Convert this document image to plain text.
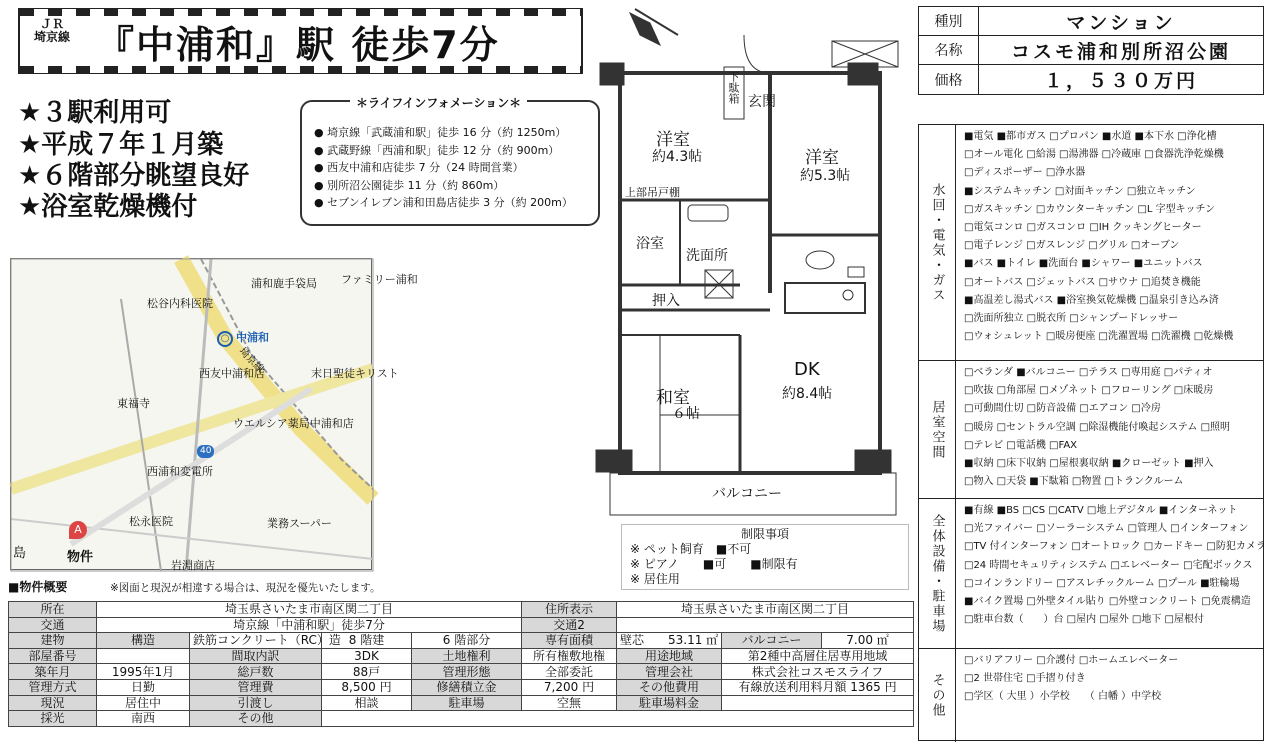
ＪＲ
埼京線 『中浦和』駅 徒歩7分
★３駅利用可
★平成７年１月築
★６階部分眺望良好
★浴室乾燥機付
● 埼京線「武蔵浦和駅」徒歩 16 分（約 1250m）
● 武蔵野線「西浦和駅」徒歩 12 分（約 900m）
● 西友中浦和店徒歩 7 分（24 時間営業）
● 別所沼公園徒歩 11 分（約 860m）
● セブンイレブン浦和田島店徒歩 3 分（約 200m）
＊ライフインフォメーション＊
松谷内科医院
浦和鹿手袋局 ファミリー浦和
西友中浦和店	末日聖徒キリスト
東福寺
ウエルシア薬局中浦和店
西浦和変電所
松永医院	業務スーパー
岩淵商店
物件
埼京線
島
40
A
○ 中浦和
洋室
約4.3帖	洋室
約5.3帖
下駄箱 玄関
上部吊戸棚
浴室
洗面所
押入
和室
６帖
DK
約8.4帖
バルコニー
制限事項
※ ペット飼育　■不可
※ ピアノ　　■可　　■制限有
※ 居住用
種別	マンション
名称	コスモ浦和別所沼公園
価格	１，５３０万円
水回・電気・ガス
■電気 ■都市ガス □プロパン ■水道 ■本下水 □浄化槽
□オール電化 □給湯 □湯沸器 □冷蔵庫 □食器洗浄乾燥機
□ディスポーザー □浄水器
■システムキッチン □対面キッチン □独立キッチン
□ガスキッチン □カウンターキッチン □L 字型キッチン
□電気コンロ □ガスコンロ □IH クッキングヒーター
□電子レンジ □ガスレンジ □グリル □オーブン
■バス ■トイレ ■洗面台 ■シャワー ■ユニットバス
□オートバス □ジェットバス □サウナ □追焚き機能
■高温差し湯式バス ■浴室換気乾燥機 □温泉引き込み済
□洗面所独立 □脱衣所 □シャンプードレッサー
□ウォシュレット □暖房便座 □洗濯置場 □洗濯機 □乾燥機
居室空間
□ベランダ ■バルコニー □テラス □専用庭 □パティオ
□吹抜 □角部屋 □メゾネット □フローリング □床暖房
□可動間仕切 □防音設備 □エアコン □冷房
□暖房 □セントラル空調 □除湿機能付喚起システム □照明
□テレビ □電話機 □FAX
■収納 □床下収納 □屋根裏収納 ■クローゼット ■押入
□物入 □天袋 ■下駄箱 □物置 □トランクルーム
全体設備・駐車場
■有線 ■BS □CS □CATV □地上デジタル ■インターネット
□光ファイバー □ソーラーシステム □管理人 □インターフォン
□TV 付インターフォン □オートロック □カードキー □防犯カメラ
□24 時間セキュリティシステム □エレベーター □宅配ボックス
□コインランドリー □アスレチックルーム □プール ■駐輪場
■バイク置場 □外壁タイル貼り □外壁コンクリート □免震構造
□駐車台数（　　）台 □屋内 □屋外 □地下 □屋根付
その他
□バリアフリー □介護付 □ホームエレベーター
□2 世帯住宅 □手摺り付き
□学区（ 大里 ）小学校　　（ 白幡 ）中学校
■物件概要	※図面と現況が相違する場合は、現況を優先いたします。
所在	埼玉県さいたま市南区関二丁目				住所表示	埼玉県さいたま市南区関二丁目		
交通	埼京線「中浦和駅」徒歩7分				交通2			
建物	構造	鉄筋コンクリート（RC）造	8 階建	6 階部分	専有面積	壁芯　　53.11 ㎡	バルコニー	7.00 ㎡
部屋番号		間取内訳	3DK	土地権利	所有権敷地権	用途地域	第2種中高層住居専用地域	
築年月	1995年1月	総戸数	88戸	管理形態	全部委託	管理会社	株式会社コスモスライフ	
管理方式	日勤	管理費	8,500 円	修繕積立金	7,200 円	その他費用	有線放送利用料月額 1365 円	
現況	居住中	引渡し	相談	駐車場	空無	駐車場料金		
採光	南西	その他						
